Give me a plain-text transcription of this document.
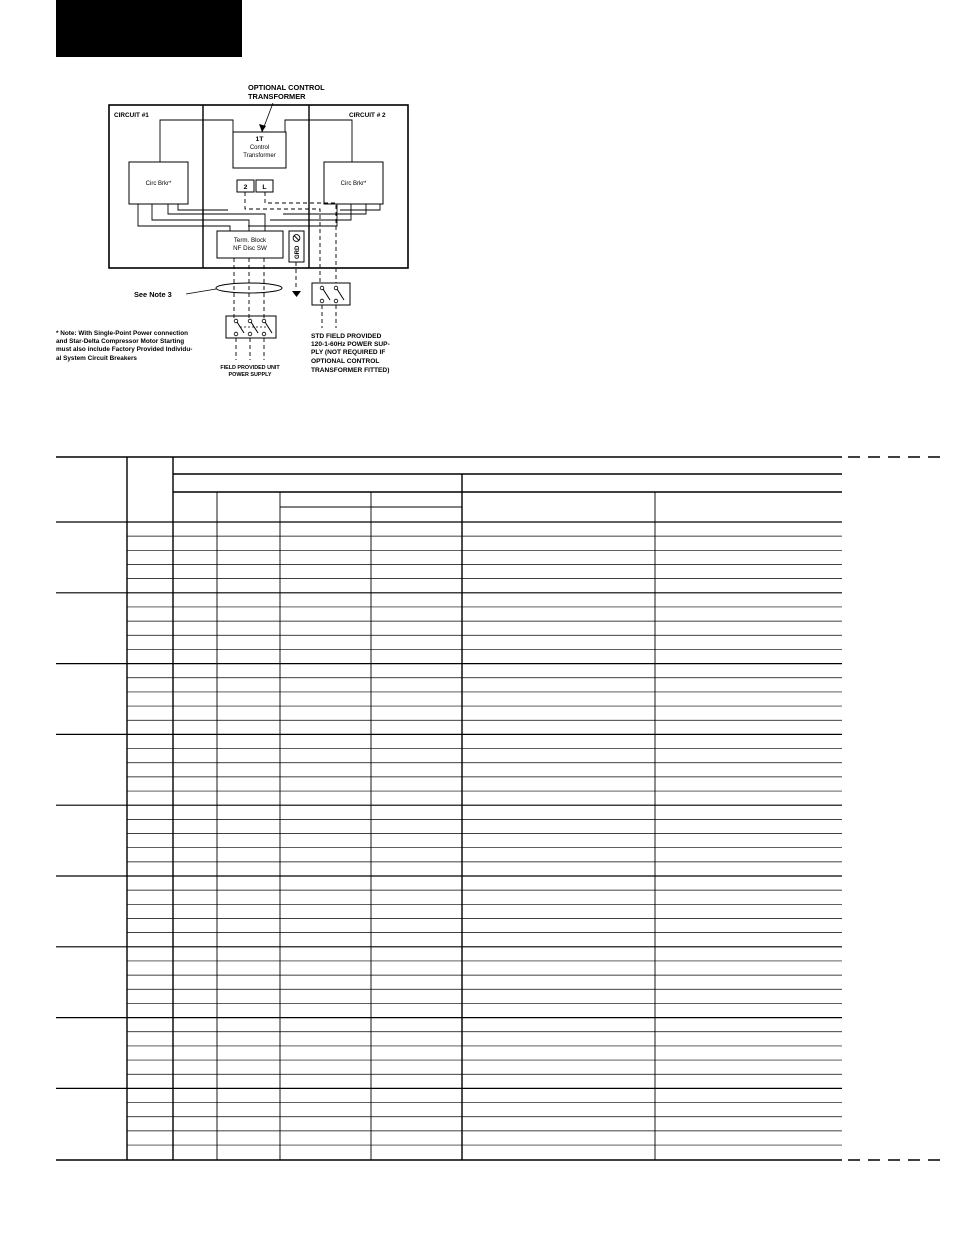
OPTIONAL CONTROL
TRANSFORMER
CIRCUIT #1	CIRCUIT # 2
1T
Control
Transformer
2 L
Circ Brkr*	Circ Brkr*
Term. Block
NF Disc SW	GRD
See Note 3
FIELD PROVIDED UNIT
POWER SUPPLY
STD FIELD PROVIDED
120-1-60Hz POWER SUP-
PLY (NOT REQUIRED IF
OPTIONAL CONTROL
TRANSFORMER FITTED)
* Note: With Single-Point Power connection
and Star-Delta Compressor Motor Starting
must also include Factory Provided Individu-
al System Circuit Breakers
